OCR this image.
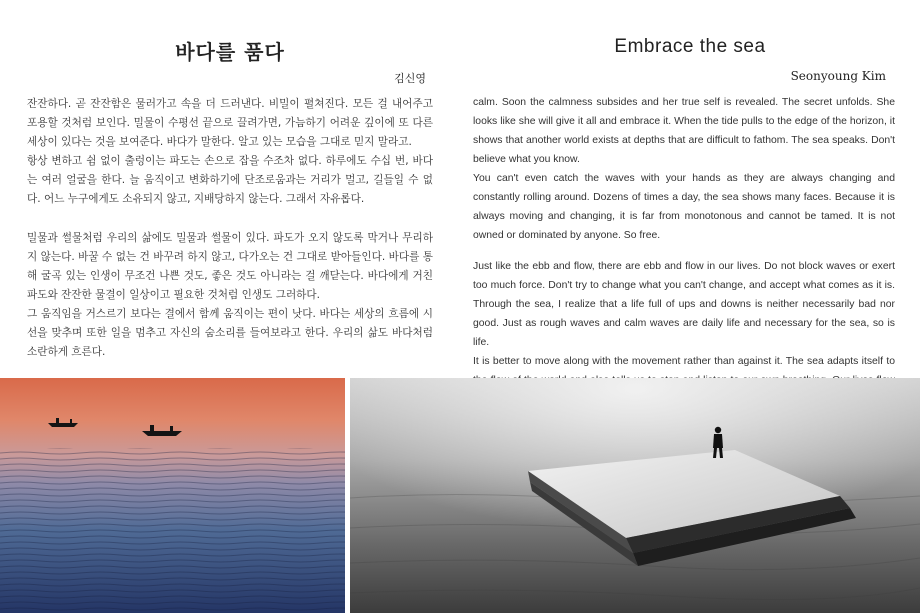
바다를 품다
김신영

잔잔하다. 곧 잔잔함은 물러가고 속을 더 드러낸다. 비밀이 펼쳐진다. 모든 걸 내어주고 포용할 것처럼 보인다. 밀물이 수평선 끝으로 끌려가면, 가늠하기 어려운 깊이에 또 다른 세상이 있다는 것을 보여준다. 바다가 말한다. 알고 있는 모습을 그대로 믿지 말라고.

항상 변하고 쉼 없이 출렁이는 파도는 손으로 잡을 수조차 없다. 하루에도 수십 번, 바다는 여러 얼굴을 한다. 늘 움직이고 변화하기에 단조로움과는 거리가 멀고, 길들일 수 없다. 어느 누구에게도 소유되지 않고, 지배당하지 않는다. 그래서 자유롭다.

밀물과 썰물처럼 우리의 삶에도 밀물과 썰물이 있다. 파도가 오지 않도록 막거나 무리하지 않는다. 바꿀 수 없는 건 바꾸려 하지 않고, 다가오는 건 그대로 받아들인다. 바다를 통해 굴곡 있는 인생이 무조건 나쁜 것도, 좋은 것도 아니라는 걸 깨닫는다. 바다에게 거친 파도와 잔잔한 물결이 일상이고 필요한 것처럼 인생도 그러하다.

그 움직임을 거스르기 보다는 결에서 함께 움직이는 편이 낫다. 바다는 세상의 흐름에 시선을 맞추며 또한 일을 멈추고 자신의 숨소리를 들여보라고 한다. 우리의 삶도 바다처럼 소란하게 흐른다.

Embrace the sea
Seonyoung Kim

calm. Soon the calmness subsides and her true self is revealed. The secret unfolds. She looks like she will give it all and embrace it. When the tide pulls to the edge of the horizon, it shows that another world exists at depths that are difficult to fathom. The sea speaks. Don't believe what you know.

You can't even catch the waves with your hands as they are always changing and constantly rolling around. Dozens of times a day, the sea shows many faces. Because it is always moving and changing, it is far from monotonous and cannot be tamed. It is not owned or dominated by anyone. So free.

Just like the ebb and flow, there are ebb and flow in our lives. Do not block waves or exert too much force. Don't try to change what you can't change, and accept what comes as it is. Through the sea, I realize that a life full of ups and downs is neither necessarily bad nor good. Just as rough waves and calm waves are daily life and necessary for the sea, so is life.

It is better to move along with the movement rather than against it. The sea adapts itself to
